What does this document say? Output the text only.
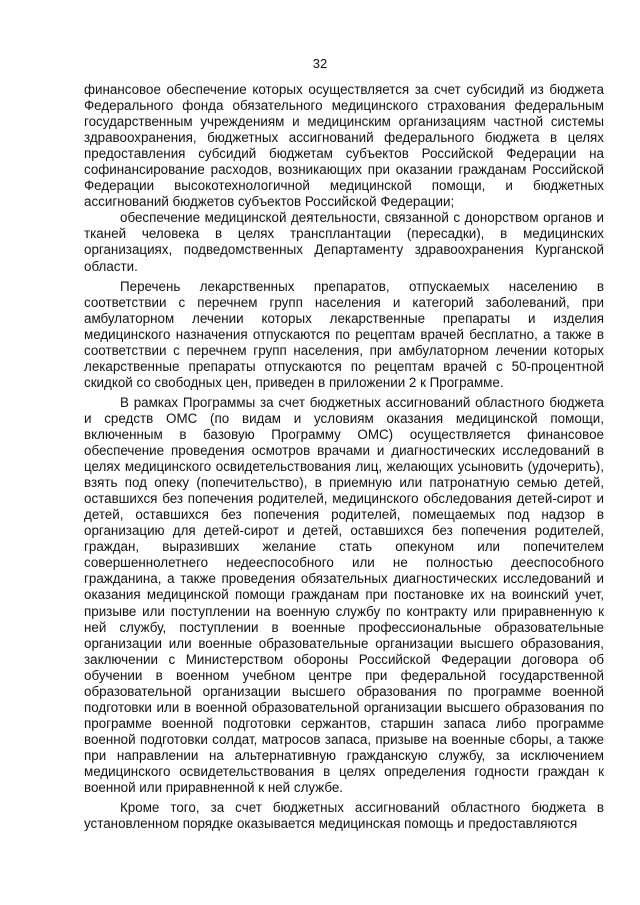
32

финансовое обеспечение которых осуществляется за счет субсидий из бюджета Федерального фонда обязательного медицинского страхования федеральным государственным учреждениям и медицинским организациям частной системы здравоохранения, бюджетных ассигнований федерального бюджета в целях предоставления субсидий бюджетам субъектов Российской Федерации на софинансирование расходов, возникающих при оказании гражданам Российской Федерации высокотехнологичной медицинской помощи, и бюджетных ассигнований бюджетов субъектов Российской Федерации;

обеспечение медицинской деятельности, связанной с донорством органов и тканей человека в целях трансплантации (пересадки), в медицинских организациях, подведомственных Департаменту здравоохранения Курганской области.

Перечень лекарственных препаратов, отпускаемых населению в соответствии с перечнем групп населения и категорий заболеваний, при амбулаторном лечении которых лекарственные препараты и изделия медицинского назначения отпускаются по рецептам врачей бесплатно, а также в соответствии с перечнем групп населения, при амбулаторном лечении которых лекарственные препараты отпускаются по рецептам врачей с 50-процентной скидкой со свободных цен, приведен в приложении 2 к Программе.

В рамках Программы за счет бюджетных ассигнований областного бюджета и средств ОМС (по видам и условиям оказания медицинской помощи, включенным в базовую Программу ОМС) осуществляется финансовое обеспечение проведения осмотров врачами и диагностических исследований в целях медицинского освидетельствования лиц, желающих усыновить (удочерить), взять под опеку (попечительство), в приемную или патронатную семью детей, оставшихся без попечения родителей, медицинского обследования детей-сирот и детей, оставшихся без попечения родителей, помещаемых под надзор в организацию для детей-сирот и детей, оставшихся без попечения родителей, граждан, выразивших желание стать опекуном или попечителем совершеннолетнего недееспособного или не полностью дееспособного гражданина, а также проведения обязательных диагностических исследований и оказания медицинской помощи гражданам при постановке их на воинский учет, призыве или поступлении на военную службу по контракту или приравненную к ней службу, поступлении в военные профессиональные образовательные организации или военные образовательные организации высшего образования, заключении с Министерством обороны Российской Федерации договора об обучении в военном учебном центре при федеральной государственной образовательной организации высшего образования по программе военной подготовки или в военной образовательной организации высшего образования по программе военной подготовки сержантов, старшин запаса либо программе военной подготовки солдат, матросов запаса, призыве на военные сборы, а также при направлении на альтернативную гражданскую службу, за исключением медицинского освидетельствования в целях определения годности граждан к военной или приравненной к ней службе.

Кроме того, за счет бюджетных ассигнований областного бюджета в установленном порядке оказывается медицинская помощь и предоставляются
